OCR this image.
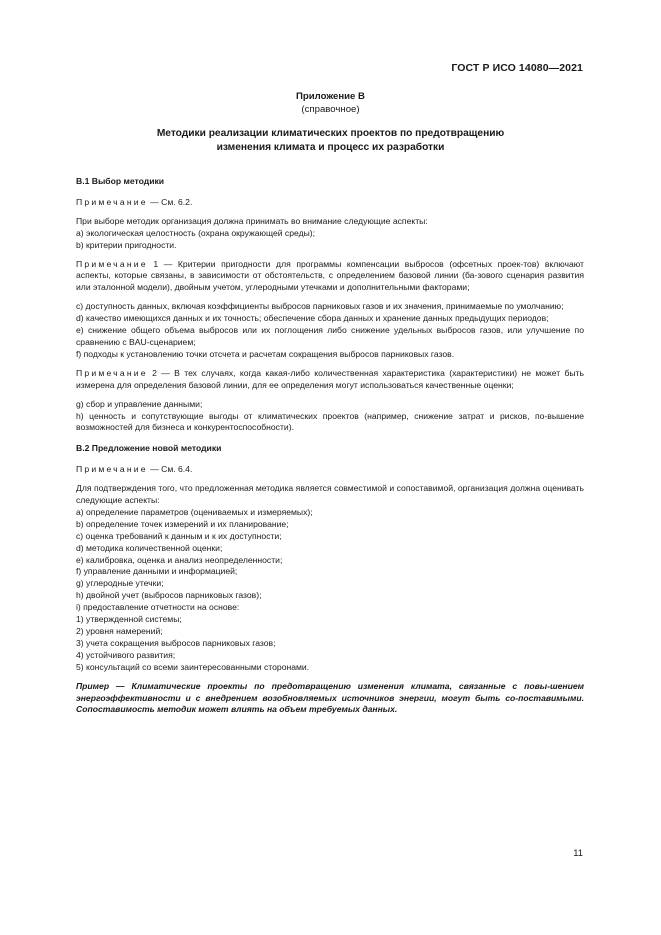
ГОСТ Р ИСО 14080—2021
Приложение В
(справочное)
Методики реализации климатических проектов по предотвращению
изменения климата и процесс их разработки

В.1 Выбор методики

Примечание — См. 6.2.

При выборе методик организация должна принимать во внимание следующие аспекты:

а) экологическая целостность (охрана окружающей среды);

b) критерии пригодности.

Примечание 1 — Критерии пригодности для программы компенсации выбросов (офсетных проек-тов) включают аспекты, которые связаны, в зависимости от обстоятельств, с определением базовой линии (ба-зового сценария развития или эталонной модели), двойным учетом, углеродными утечками и дополнительными факторами;

с) доступность данных, включая коэффициенты выбросов парниковых газов и их значения, принимаемые по умолчанию;

d) качество имеющихся данных и их точность; обеспечение сбора данных и хранение данных предыдущих периодов;

е) снижение общего объема выбросов или их поглощения либо снижение удельных выбросов газов, или улучшение по сравнению с BAU-сценарием;

f) подходы к установлению точки отсчета и расчетам сокращения выбросов парниковых газов.

Примечание 2 — В тех случаях, когда какая-либо количественная характеристика (характеристики) не может быть измерена для определения базовой линии, для ее определения могут использоваться качественные оценки;

g) сбор и управление данными;

h) ценность и сопутствующие выгоды от климатических проектов (например, снижение затрат и рисков, по-вышение возможностей для бизнеса и конкурентоспособности).

В.2 Предложение новой методики

Примечание — См. 6.4.

Для подтверждения того, что предложенная методика является совместимой и сопоставимой, организация должна оценивать следующие аспекты:

а) определение параметров (оцениваемых и измеряемых);

b) определение точек измерений и их планирование;

с) оценка требований к данным и к их доступности;

d) методика количественной оценки;

е) калибровка, оценка и анализ неопределенности;

f) управление данными и информацией;

g) углеродные утечки;

h) двойной учет (выбросов парниковых газов);

i) предоставление отчетности на основе:

1) утвержденной системы;

2) уровня намерений;

3) учета сокращения выбросов парниковых газов;

4) устойчивого развития;

5) консультаций со всеми заинтересованными сторонами.

Пример — Климатические проекты по предотвращению изменения климата, связанные с повы-шением энергоэффективности и с внедрением возобновляемых источников энергии, могут быть со-поставимыми. Сопоставимость методик может влиять на объем требуемых данных.

11
